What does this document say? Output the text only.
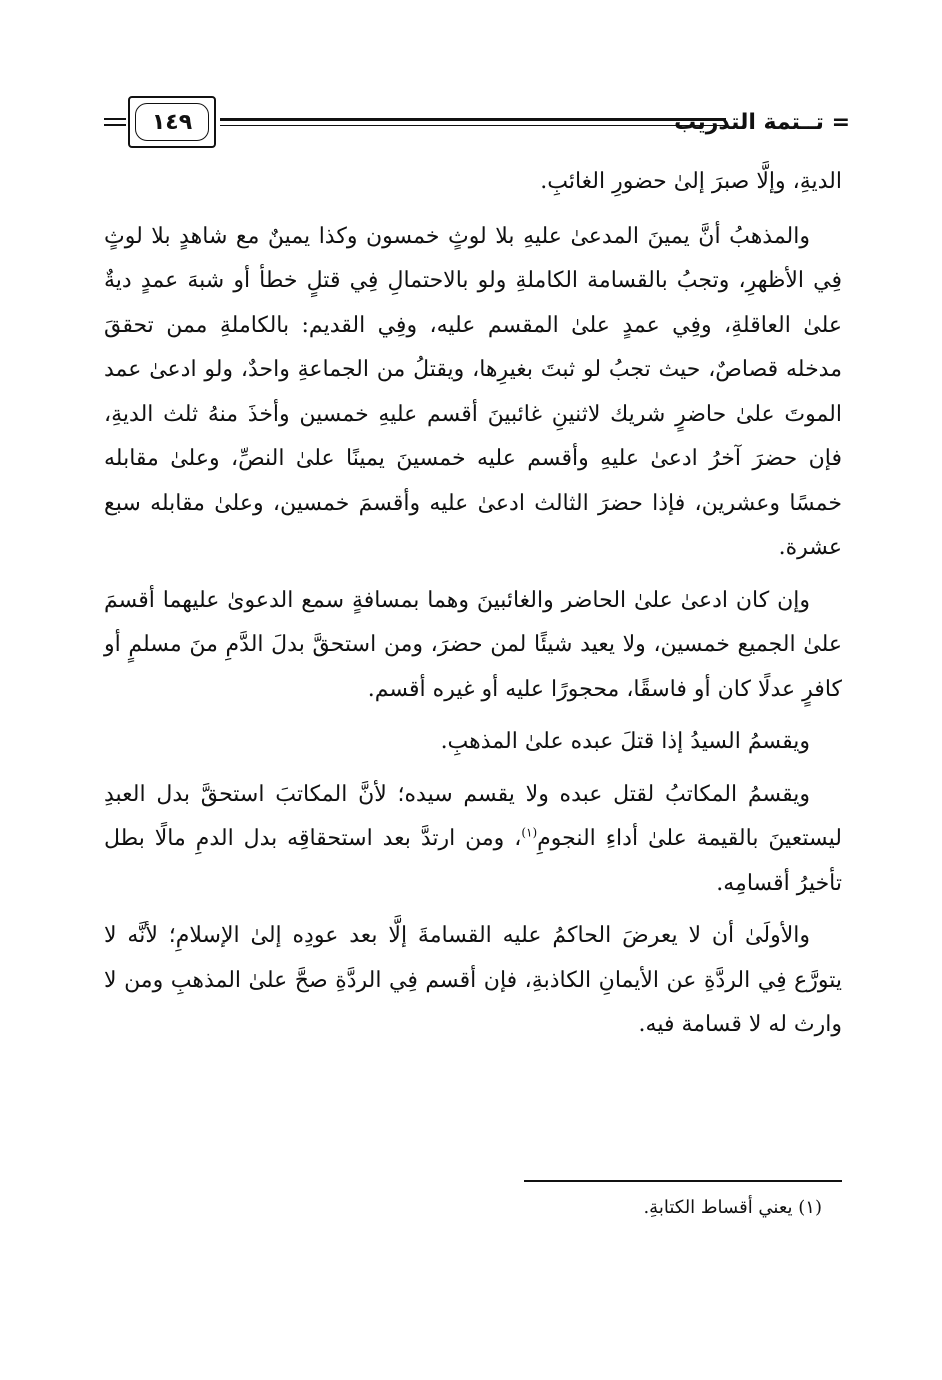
= تــتمة التدريب
١٤٩

الديةِ، وإلَّا صبرَ إلىٰ حضورِ الغائبِ.

والمذهبُ أنَّ يمينَ المدعىٰ عليهِ بلا لوثٍ خمسون وكذا يمينٌ مع شاهدٍ بلا لوثٍ فِي الأظهرِ، وتجبُ بالقسامة الكاملةِ ولو بالاحتمالِ فِي قتلٍ خطأ أو شبهَ عمدٍ ديةٌ علىٰ العاقلةِ، وفِي عمدٍ علىٰ المقسم عليه، وفِي القديم: بالكاملةِ ممن تحققَ مدخله قصاصٌ، حيث تجبُ لو ثبتَ بغيرِها، ويقتلُ من الجماعةِ واحدٌ، ولو ادعىٰ عمد الموتَ علىٰ حاضرٍ شريك لاثنينِ غائبينَ أقسم عليهِ خمسين وأخذَ منهُ ثلث الديةِ، فإن حضرَ آخرُ ادعىٰ عليهِ وأقسم عليه خمسينَ يمينًا علىٰ النصِّ، وعلىٰ مقابله خمسًا وعشرين، فإذا حضرَ الثالث ادعىٰ عليه وأقسمَ خمسين، وعلىٰ مقابله سبع عشرة.

وإن كان ادعىٰ علىٰ الحاضر والغائبينَ وهما بمسافةٍ سمع الدعوىٰ عليهما أقسمَ علىٰ الجميع خمسين، ولا يعيد شيئًا لمن حضرَ، ومن استحقَّ بدلَ الدَّمِ منَ مسلمٍ أو كافرٍ عدلًا كان أو فاسقًا، محجورًا عليه أو غيره أقسم.

ويقسمُ السيدُ إذا قتلَ عبده علىٰ المذهبِ.

ويقسمُ المكاتبُ لقتل عبده ولا يقسم سيده؛ لأنَّ المكاتبَ استحقَّ بدل العبدِ ليستعينَ بالقيمة علىٰ أداءِ النجومِ$^{(١)}$، ومن ارتدَّ بعد استحقاقِه بدل الدمِ مالًا بطل تأخيرُ أقسامِه.

والأولَىٰ أن لا يعرضَ الحاكمُ عليه القسامةَ إلَّا بعد عودِه إلىٰ الإسلامِ؛ لأنَّه لا يتورَّع فِي الردَّةِ عن الأيمانِ الكاذبةِ، فإن أقسم فِي الردَّةِ صحَّ علىٰ المذهبِ ومن لا وارث له لا قسامة فيه.

(١) يعني أقساط الكتابةِ.
